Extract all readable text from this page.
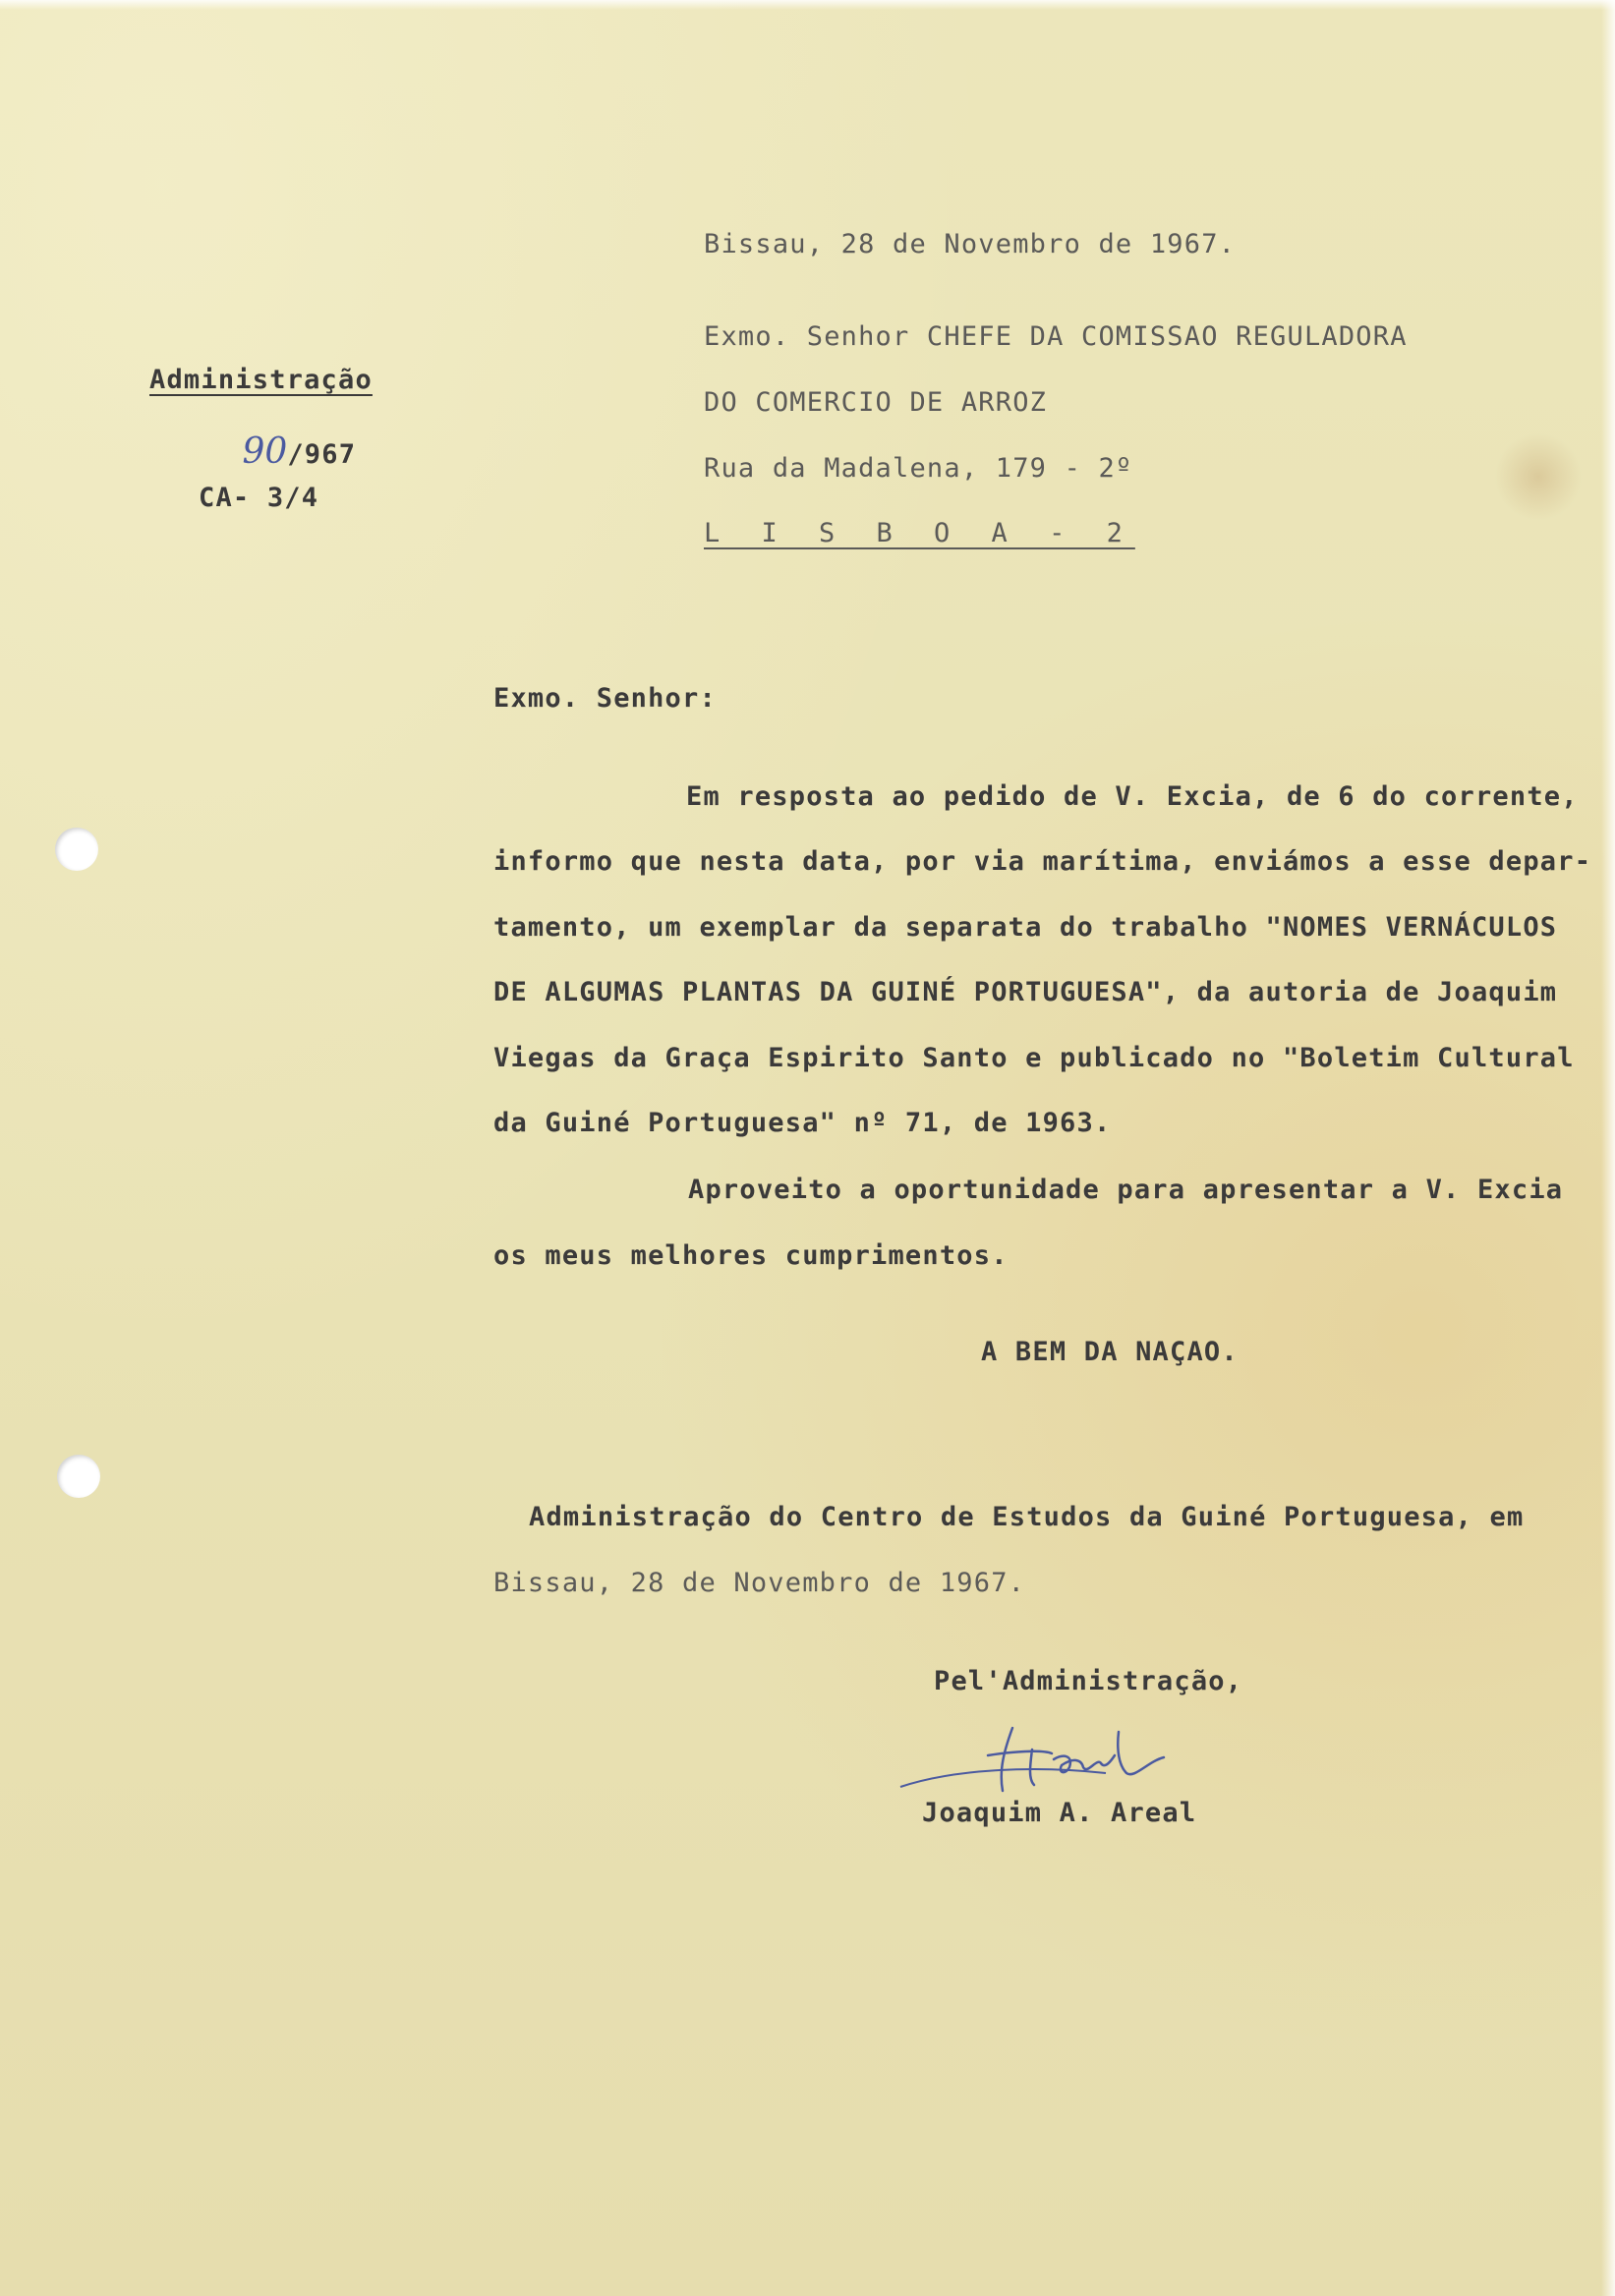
Bissau, 28 de Novembro de 1967.
Exmo. Senhor CHEFE DA COMISSAO REGULADORA
DO COMERCIO DE ARROZ
Rua da Madalena, 179 - 2º
L I S B O A - 2
Administração

90/967

CA- 3/4
Exmo. Senhor:
Em resposta ao pedido de V. Excia, de 6 do corrente,
informo que nesta data, por via marítima, enviámos a esse depar-
tamento, um exemplar da separata do trabalho "NOMES VERNÁCULOS
DE ALGUMAS PLANTAS DA GUINÉ PORTUGUESA", da autoria de Joaquim
Viegas da Graça Espirito Santo e publicado no "Boletim Cultural
da Guiné Portuguesa" nº 71, de 1963.
Aproveito a oportunidade para apresentar a V. Excia
os meus melhores cumprimentos.
A BEM DA NAÇAO.
Administração do Centro de Estudos da Guiné Portuguesa, em
Bissau, 28 de Novembro de 1967.
Pel'Administração,
Joaquim A. Areal
